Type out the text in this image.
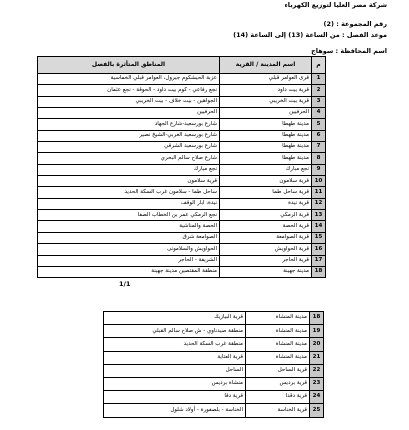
شركة مصر العليا لتوزيع الكهرباء
رقم المجموعة : (2)
موعد الفصل : من الساعة (13) إلى الساعة (14)
اسم المحافظة : سوهاج
م	اسم المدينة / القرية	المناطق المتأثرة بالفصل
1	قرى العوامر قبلي	عزبة الحيشكوم جيرول، العوامر قبلي الخماسية
2	قرية بيت داود	نجع رفاعي - كوم بيت داود - الحوقة - نجع عثمان
3	قرية بيت الخريبي	الجواهين - بيت خلاف - بيت الخريبي
4	الحرفيين	الحرفيين
5	مدينة طهطا	شارع بورسعيد-شارع الجهاد
6	مدينة طهطا	شارع بورسعيد الغربي-الشيخ نصير
7	مدينة طهطا	شارع بورسعيد الشرقي
8	مدينة طهطا	شارع صلاح سالم البحري
9	نجع مبارك	نجع مبارك
10	قرية سلامون	قرية سلامون
11	قرية ساحل طما	ساحل طما - سلامون غرب السكة الحديد
12	قرية نيدة	نيدة، ابار الوقف
13	قرية الرمكي	نجع الرمكي عمر بن الخطاب الصفا
14	قرية الحصة	الحصة والمناشية
15	قرية الصوامعة	الصوامعة شرق
16	قرية الحواويش	الحواويش والسلامونى
17	قرية الحاجر	الشريفة - الحاجر
18	مدينة جهينة	منطقة المقتصين مدينة جهينة
1/1
18	مدينة المنشاة	قرية البيازيك
19	مدينة المنشاة	منطقة صيدناوي - ش صلاح سالم القبلي
20	مدينة المنشاة	منطقة غرب السكة الحديد
21	مدينة المنشاة	قرية العتاية
22	قرية الساحل	الساحل
23	قرية بردیس	منشاة بردیس
24	قرية دقدا	قرية دقا
25	قرية الخناسة	الخناسة - بلصفورة - أولاد شلول
